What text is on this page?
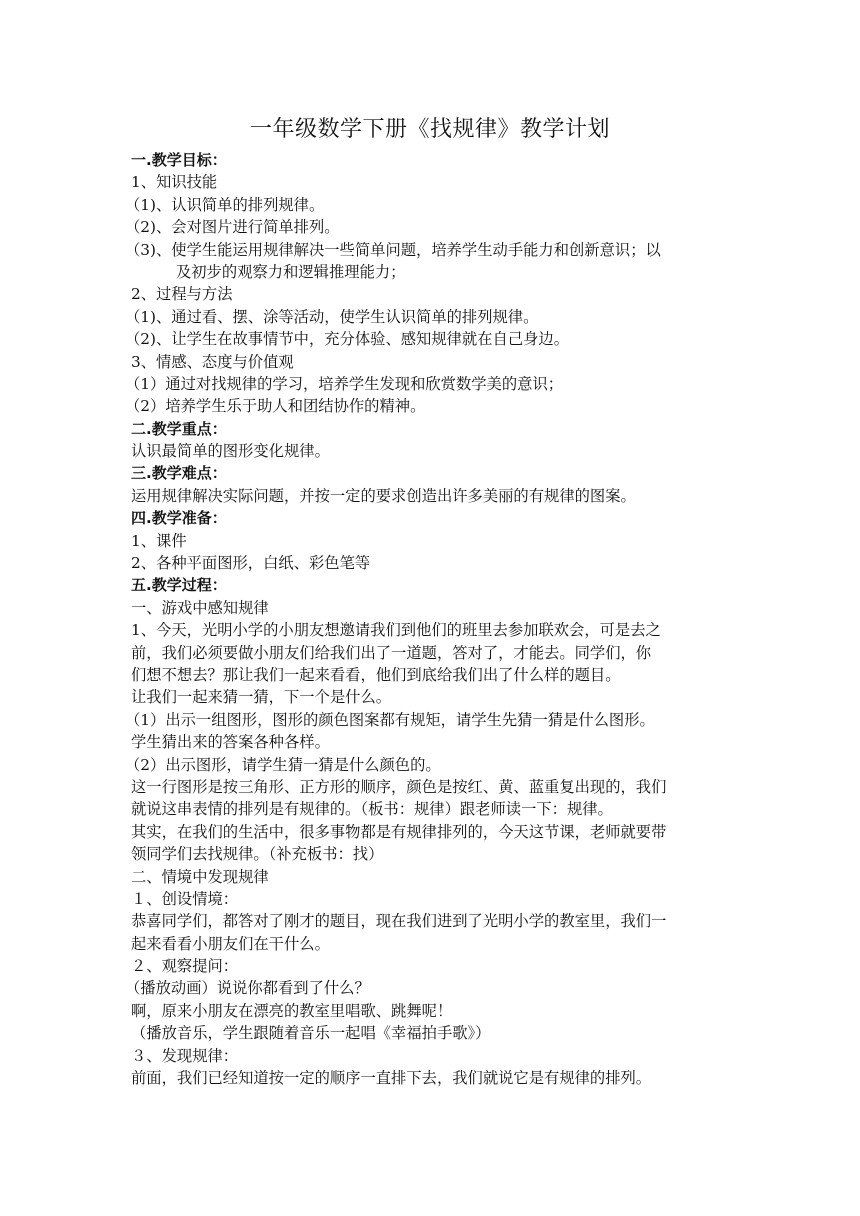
一年级数学下册《找规律》教学计划
一.教学目标：
1、知识技能
（1)、认识简单的排列规律。
（2)、会对图片进行简单排列。
（3)、使学生能运用规律解决一些简单问题，培养学生动手能力和创新意识；以
及初步的观察力和逻辑推理能力；
2、过程与方法
（1)、通过看、摆、涂等活动，使学生认识简单的排列规律。
（2)、让学生在故事情节中，充分体验、感知规律就在自己身边。
3、情感、态度与价值观
（1）通过对找规律的学习，培养学生发现和欣赏数学美的意识；
（2）培养学生乐于助人和团结协作的精神。
二.教学重点：
认识最简单的图形变化规律。
三.教学难点：
运用规律解决实际问题，并按一定的要求创造出许多美丽的有规律的图案。
四.教学准备：
1、课件
2、各种平面图形，白纸、彩色笔等
五.教学过程：
一、游戏中感知规律
1、今天，光明小学的小朋友想邀请我们到他们的班里去参加联欢会，可是去之
前，我们必须要做小朋友们给我们出了一道题，答对了，才能去。同学们，你
们想不想去？那让我们一起来看看，他们到底给我们出了什么样的题目。
让我们一起来猜一猜，下一个是什么。
（1）出示一组图形，图形的颜色图案都有规矩，请学生先猜一猜是什么图形。
学生猜出来的答案各种各样。
（2）出示图形，请学生猜一猜是什么颜色的。
这一行图形是按三角形、正方形的顺序，颜色是按红、黄、蓝重复出现的，我们
就说这串表情的排列是有规律的。（板书：规律）跟老师读一下：规律。
其实，在我们的生活中，很多事物都是有规律排列的，今天这节课，老师就要带
领同学们去找规律。（补充板书：找）
二、情境中发现规律
１、创设情境：
恭喜同学们，都答对了刚才的题目，现在我们进到了光明小学的教室里，我们一
起来看看小朋友们在干什么。
２、观察提问：
（播放动画）说说你都看到了什么？
啊，原来小朋友在漂亮的教室里唱歌、跳舞呢！
（播放音乐，学生跟随着音乐一起唱《幸福拍手歌》）
３、发现规律：
前面，我们已经知道按一定的顺序一直排下去，我们就说它是有规律的排列。
